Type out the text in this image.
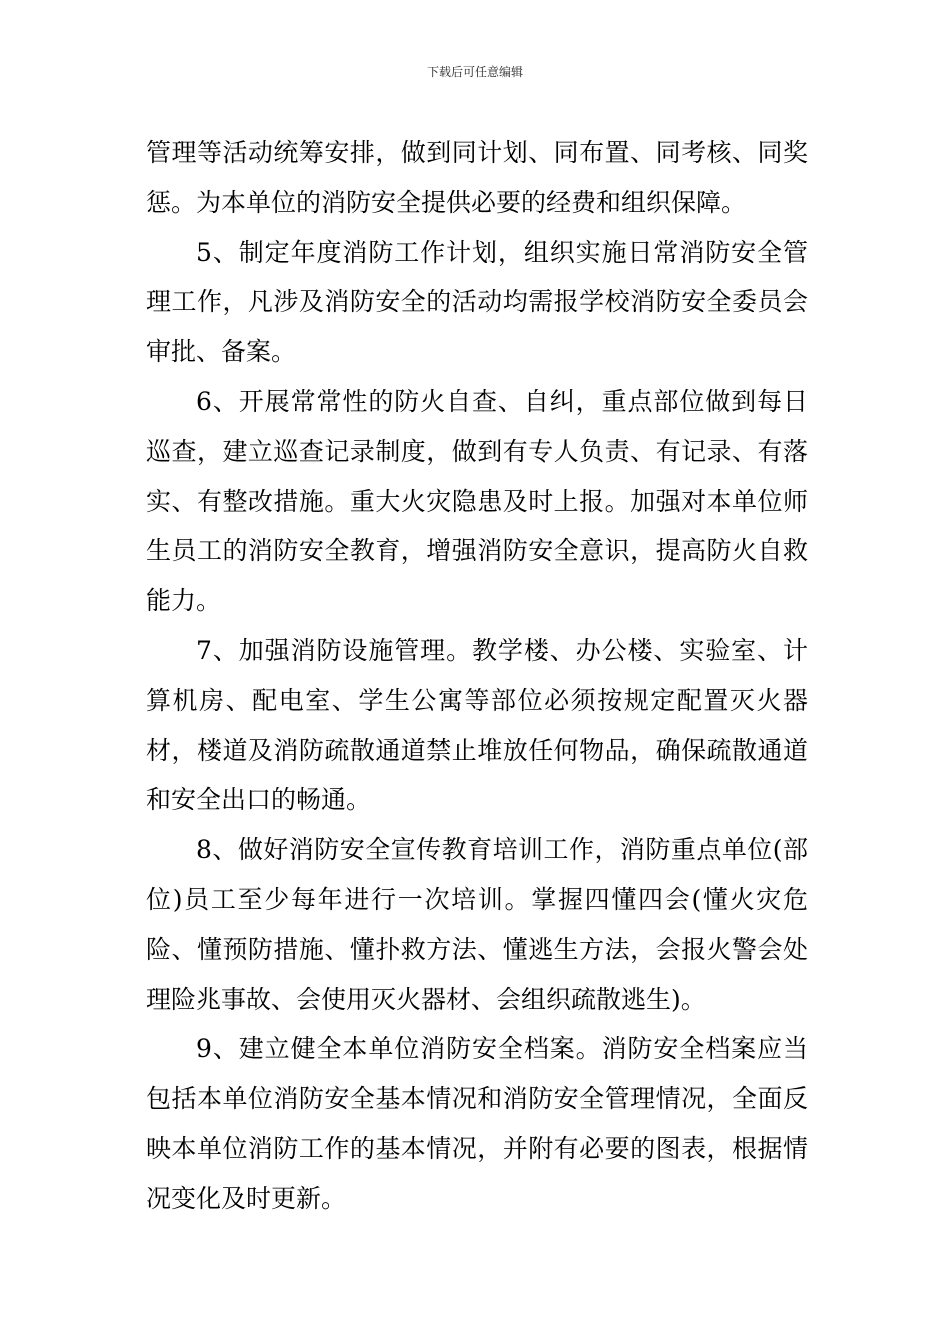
下载后可任意编辑

管理等活动统筹安排，做到同计划、同布置、同考核、同奖惩。为本单位的消防安全提供必要的经费和组织保障。

5、制定年度消防工作计划，组织实施日常消防安全管理工作，凡涉及消防安全的活动均需报学校消防安全委员会审批、备案。

6、开展常常性的防火自查、自纠，重点部位做到每日巡查，建立巡查记录制度，做到有专人负责、有记录、有落实、有整改措施。重大火灾隐患及时上报。加强对本单位师生员工的消防安全教育，增强消防安全意识，提高防火自救能力。

7、加强消防设施管理。教学楼、办公楼、实验室、计算机房、配电室、学生公寓等部位必须按规定配置灭火器材，楼道及消防疏散通道禁止堆放任何物品，确保疏散通道和安全出口的畅通。

8、做好消防安全宣传教育培训工作，消防重点单位(部位)员工至少每年进行一次培训。掌握四懂四会(懂火灾危险、懂预防措施、懂扑救方法、懂逃生方法，会报火警会处理险兆事故、会使用灭火器材、会组织疏散逃生)。

9、建立健全本单位消防安全档案。消防安全档案应当包括本单位消防安全基本情况和消防安全管理情况，全面反映本单位消防工作的基本情况，并附有必要的图表，根据情况变化及时更新。
